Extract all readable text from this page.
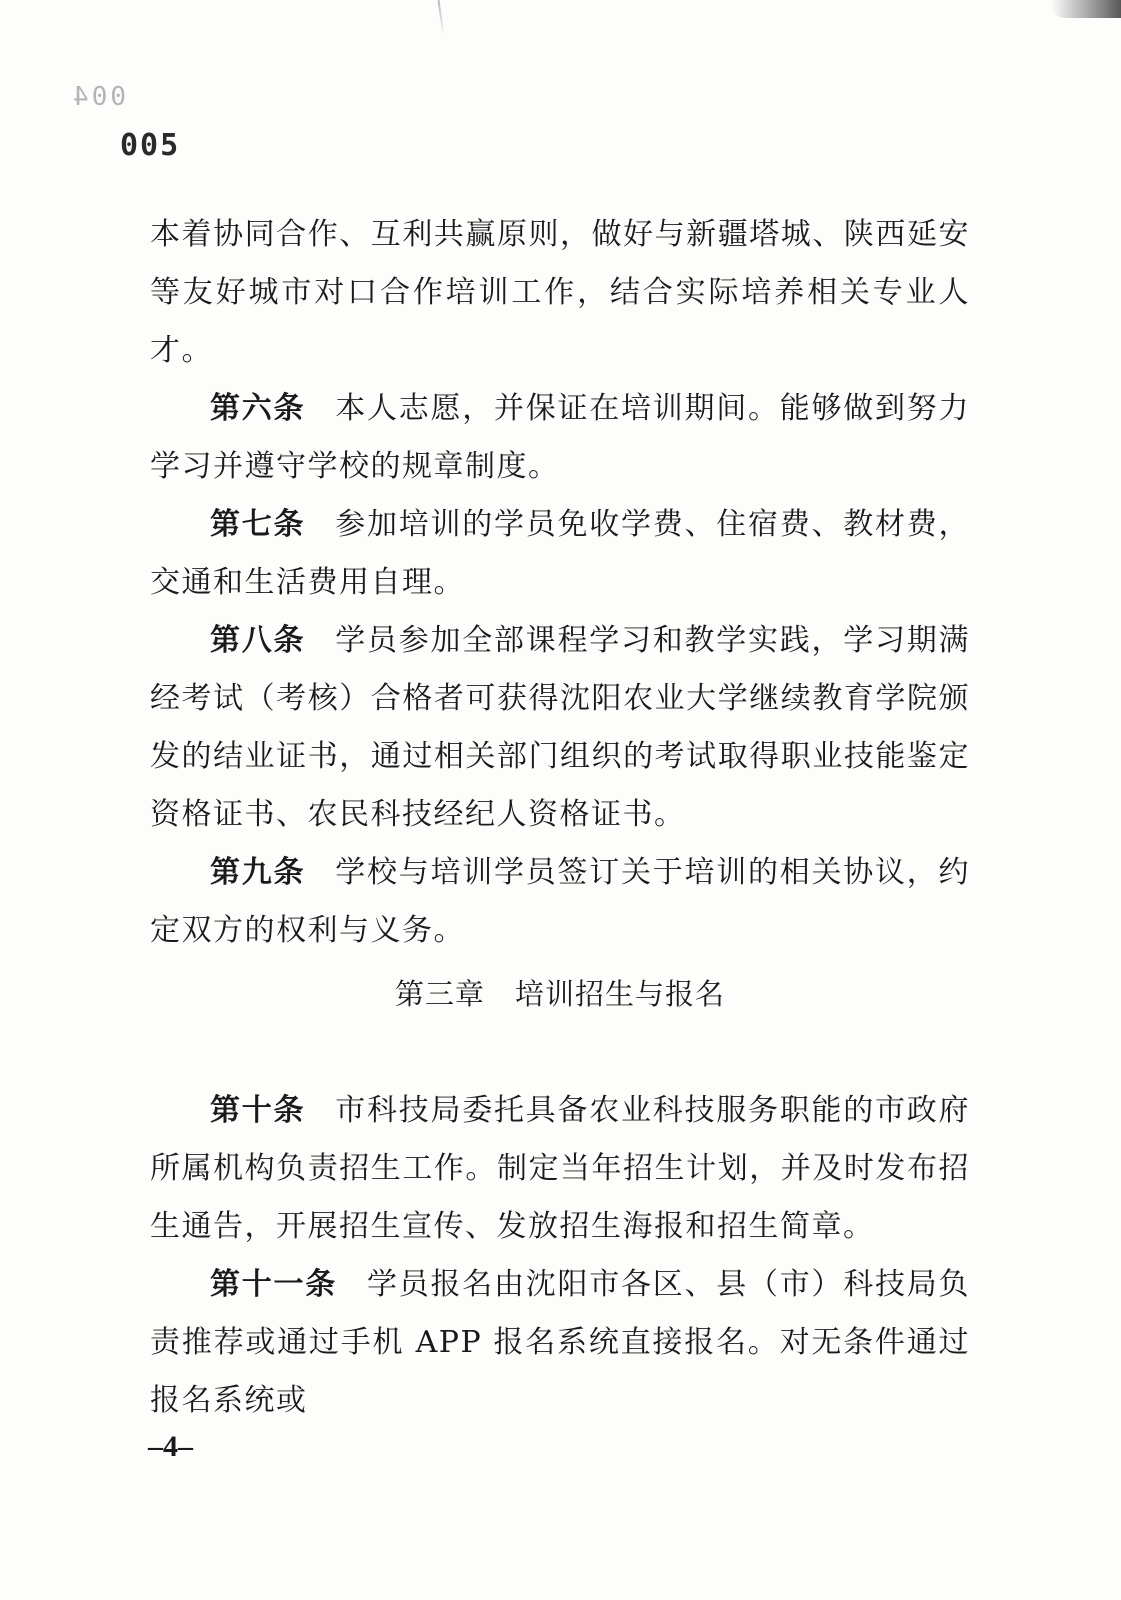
004
005

本着协同合作、互利共赢原则，做好与新疆塔城、陕西延安等友好城市对口合作培训工作，结合实际培养相关专业人才。

第六条 本人志愿，并保证在培训期间。能够做到努力学习并遵守学校的规章制度。

第七条 参加培训的学员免收学费、住宿费、教材费，交通和生活费用自理。

第八条 学员参加全部课程学习和教学实践，学习期满经考试（考核）合格者可获得沈阳农业大学继续教育学院颁发的结业证书，通过相关部门组织的考试取得职业技能鉴定资格证书、农民科技经纪人资格证书。

第九条 学校与培训学员签订关于培训的相关协议，约定双方的权利与义务。

第三章 培训招生与报名

第十条 市科技局委托具备农业科技服务职能的市政府所属机构负责招生工作。制定当年招生计划，并及时发布招生通告，开展招生宣传、发放招生海报和招生简章。

第十一条 学员报名由沈阳市各区、县（市）科技局负责推荐或通过手机 APP 报名系统直接报名。对无条件通过报名系统或

–4–
